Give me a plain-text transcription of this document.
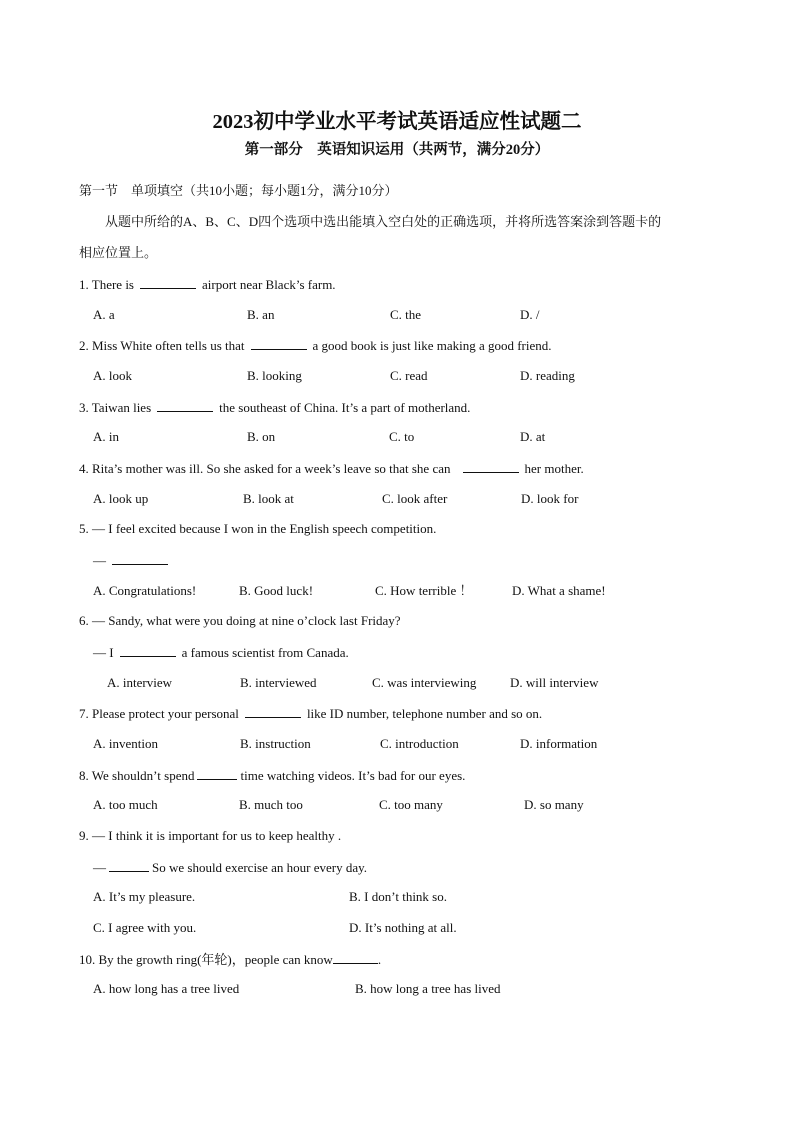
2023初中学业水平考试英语适应性试题二
第一部分    英语知识运用（共两节，满分20分）
第一节    单项填空（共10小题；每小题1分，满分10分）
从题中所给的A、B、C、D四个选项中选出能填入空白处的正确选项，并将所选答案涂到答题卡的
相应位置上。
1. There is	airport near Black’s farm.
A. a	B. an	C. the	D. /
2. Miss White often tells us that	a good book is just like making a good friend.
A. look	B. looking	C. read	D. reading
3. Taiwan lies	the southeast of China. It’s a part of motherland.
A. in	B. on	C. to	D. at
4. Rita’s mother was ill. So she asked for a week’s leave so that she can	her mother.
A. look up	B. look at	C. look after	D. look for
5. — I feel excited because I won in the English speech competition.
—
A. Congratulations!	B. Good luck!	C. How terrible ！	D. What a shame!
6. — Sandy, what were you doing at nine o’clock last Friday?
— I	a famous scientist from Canada.
A. interview	B. interviewed	C. was interviewing	D. will interview
7. Please protect your personal	like ID number, telephone number and so on.
A. invention	B. instruction	C. introduction	D. information
8. We shouldn’t spend	time watching videos. It’s bad for our eyes.
A. too much	B. much too	C. too many	D. so many
9. — I think it is important for us to keep healthy .
—	So we should exercise an hour every day.
A. It’s my pleasure.	B. I don’t think so.
C. I agree with you.	D. It’s nothing at all.
10. By the growth ring(年轮)，people can know	.
A. how long has a tree lived	B. how long a tree has lived
